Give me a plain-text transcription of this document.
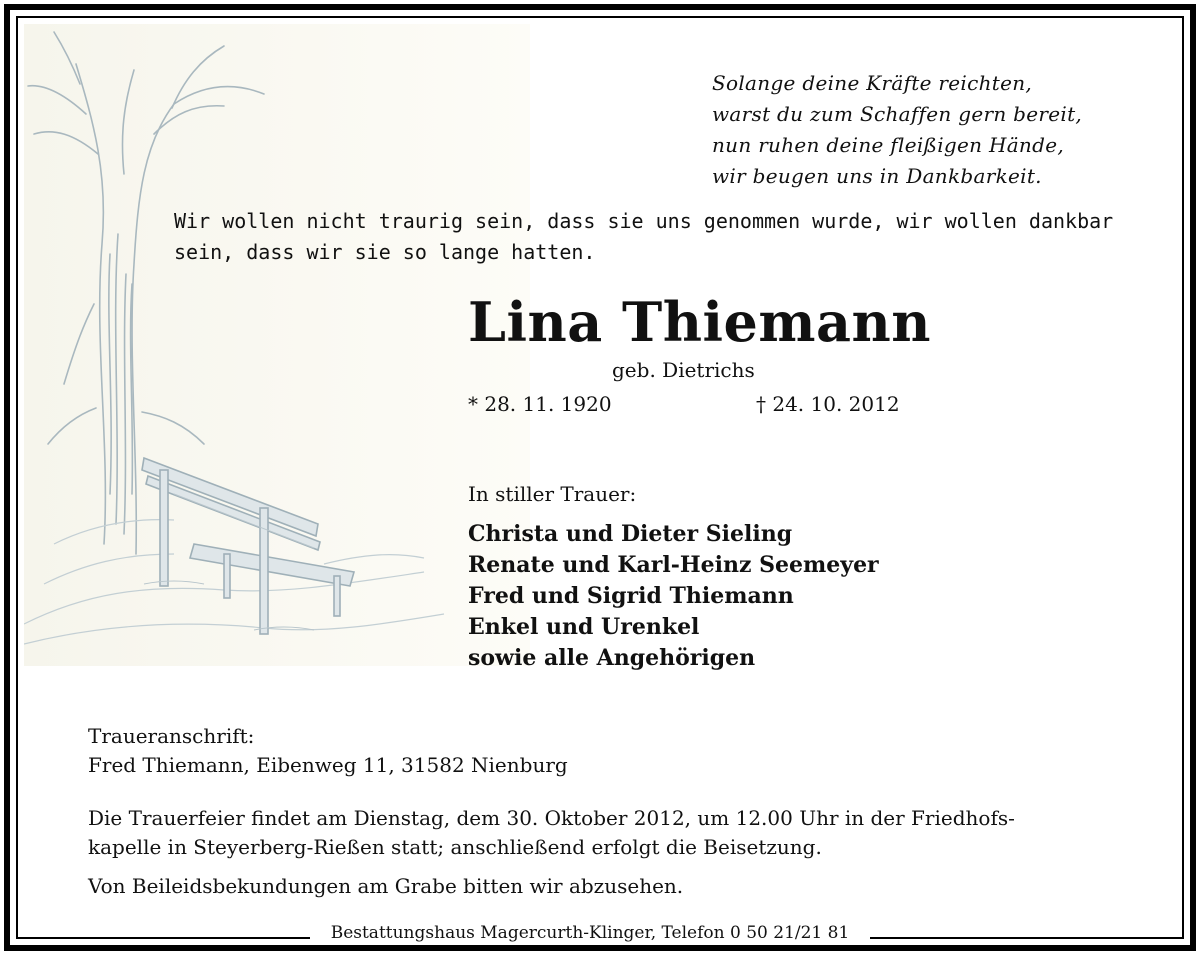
Solange deine Kräfte reichten,
warst du zum Schaffen gern bereit,
nun ruhen deine fleißigen Hände,
wir beugen uns in Dankbarkeit.
Wir wollen nicht traurig sein, dass sie uns genommen wurde, wir wollen dankbar
sein, dass wir sie so lange hatten.
Lina Thiemann
geb. Dietrichs
* 28. 11. 1920	† 24. 10. 2012
In stiller Trauer:
Christa und Dieter Sieling
Renate und Karl-Heinz Seemeyer
Fred und Sigrid Thiemann
Enkel und Urenkel
sowie alle Angehörigen
Traueranschrift:
Fred Thiemann, Eibenweg 11, 31582 Nienburg
Die Trauerfeier findet am Dienstag, dem 30. Oktober 2012, um 12.00 Uhr in der Friedhofs-
kapelle in Steyerberg-Rießen statt; anschließend erfolgt die Beisetzung.
Von Beileidsbekundungen am Grabe bitten wir abzusehen.
Bestattungshaus Magercurth-Klinger, Telefon 0 50 21/21 81
